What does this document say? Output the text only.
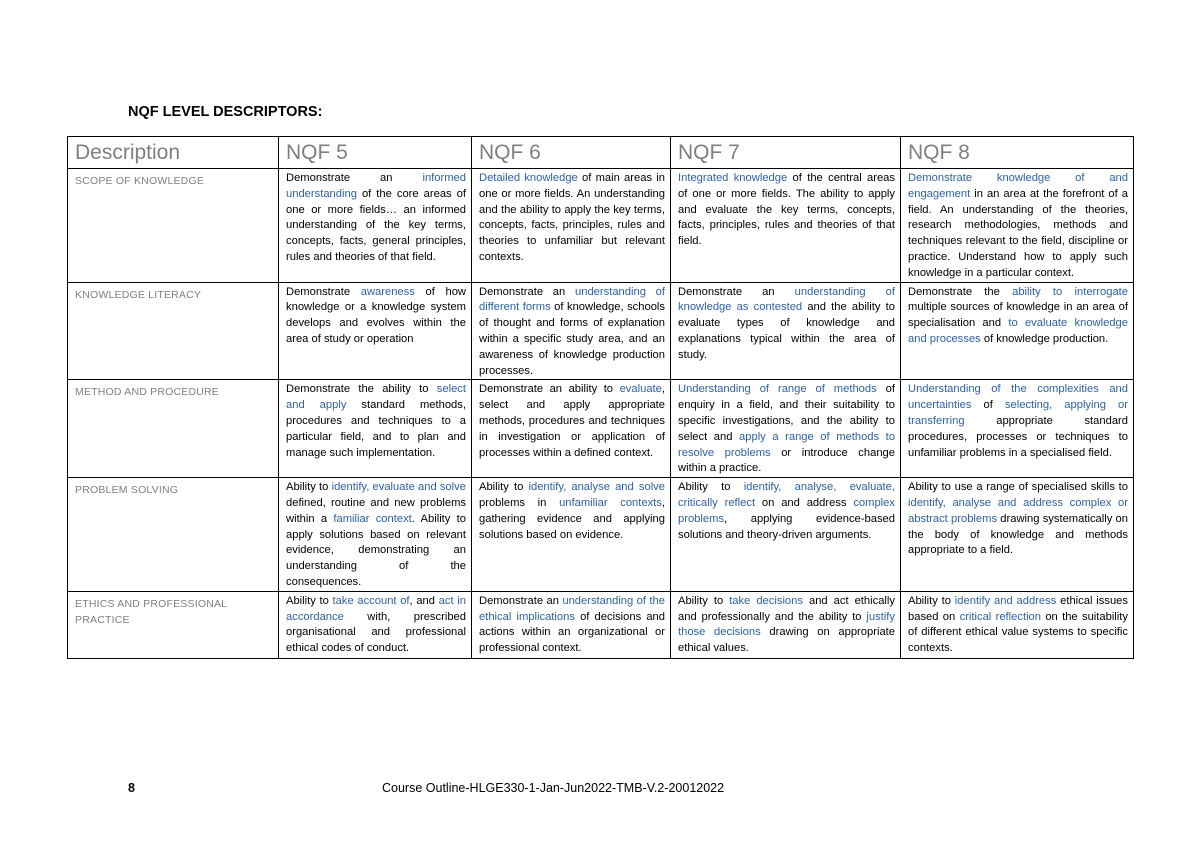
NQF LEVEL DESCRIPTORS:
Description	NQF 5	NQF 6	NQF 7	NQF 8
SCOPE OF KNOWLEDGE	Demonstrate an informed understanding of the core areas of one or more fields… an informed understanding of the key terms, concepts, facts, general principles, rules and theories of that field.	Detailed knowledge of main areas in one or more fields. An understanding and the ability to apply the key terms, concepts, facts, principles, rules and theories to unfamiliar but relevant contexts.	Integrated knowledge of the central areas of one or more fields. The ability to apply and evaluate the key terms, concepts, facts, principles, rules and theories of that field.	Demonstrate knowledge of and engagement in an area at the forefront of a field. An understanding of the theories, research methodologies, methods and techniques relevant to the field, discipline or practice. Understand how to apply such knowledge in a particular context.
KNOWLEDGE LITERACY	Demonstrate awareness of how knowledge or a knowledge system develops and evolves within the area of study or operation	Demonstrate an understanding of different forms of knowledge, schools of thought and forms of explanation within a specific study area, and an awareness of knowledge production processes.	Demonstrate an understanding of knowledge as contested and the ability to evaluate types of knowledge and explanations typical within the area of study.	Demonstrate the ability to interrogate multiple sources of knowledge in an area of specialisation and to evaluate knowledge and processes of knowledge production.
METHOD AND PROCEDURE	Demonstrate the ability to select and apply standard methods, procedures and techniques to a particular field, and to plan and manage such implementation.	Demonstrate an ability to evaluate, select and apply appropriate methods, procedures and techniques in investigation or application of processes within a defined context.	Understanding of range of methods of enquiry in a field, and their suitability to specific investigations, and the ability to select and apply a range of methods to resolve problems or introduce change within a practice.	Understanding of the complexities and uncertainties of selecting, applying or transferring appropriate standard procedures, processes or techniques to unfamiliar problems in a specialised field.
PROBLEM SOLVING	Ability to identify, evaluate and solve defined, routine and new problems within a familiar context. Ability to apply solutions based on relevant evidence, demonstrating an understanding of the consequences.	Ability to identify, analyse and solve problems in unfamiliar contexts, gathering evidence and applying solutions based on evidence.	Ability to identify, analyse, evaluate, critically reflect on and address complex problems, applying evidence-based solutions and theory-driven arguments.	Ability to use a range of specialised skills to identify, analyse and address complex or abstract problems drawing systematically on the body of knowledge and methods appropriate to a field.
ETHICS AND PROFESSIONAL PRACTICE	Ability to take account of, and act in accordance with, prescribed organisational and professional ethical codes of conduct.	Demonstrate an understanding of the ethical implications of decisions and actions within an organizational or professional context.	Ability to take decisions and act ethically and professionally and the ability to justify those decisions drawing on appropriate ethical values.	Ability to identify and address ethical issues based on critical reflection on the suitability of different ethical value systems to specific contexts.
8	Course Outline-HLGE330-1-Jan-Jun2022-TMB-V.2-20012022
